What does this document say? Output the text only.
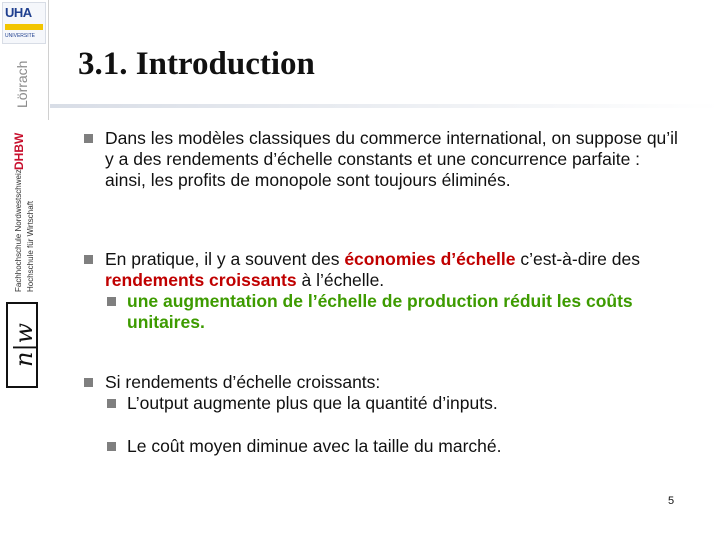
UHA
UNIVERSITE
Lörrach
DHBW
Fachhochschule Nordwestschweiz Hochschule für Wirtschaft
n|w
3.1. Introduction
Dans les modèles classiques du commerce international, on suppose qu’il y a des rendements d’échelle constants et une concurrence parfaite : ainsi, les profits de monopole sont toujours éliminés.
En pratique, il y a souvent des économies d’échelle c’est-à-dire des rendements croissants à l’échelle.
une augmentation de l’échelle de production réduit les coûts unitaires.
Si rendements d’échelle croissants:
L’output augmente plus que la quantité d’inputs.
Le coût moyen diminue avec la taille du marché.
5
